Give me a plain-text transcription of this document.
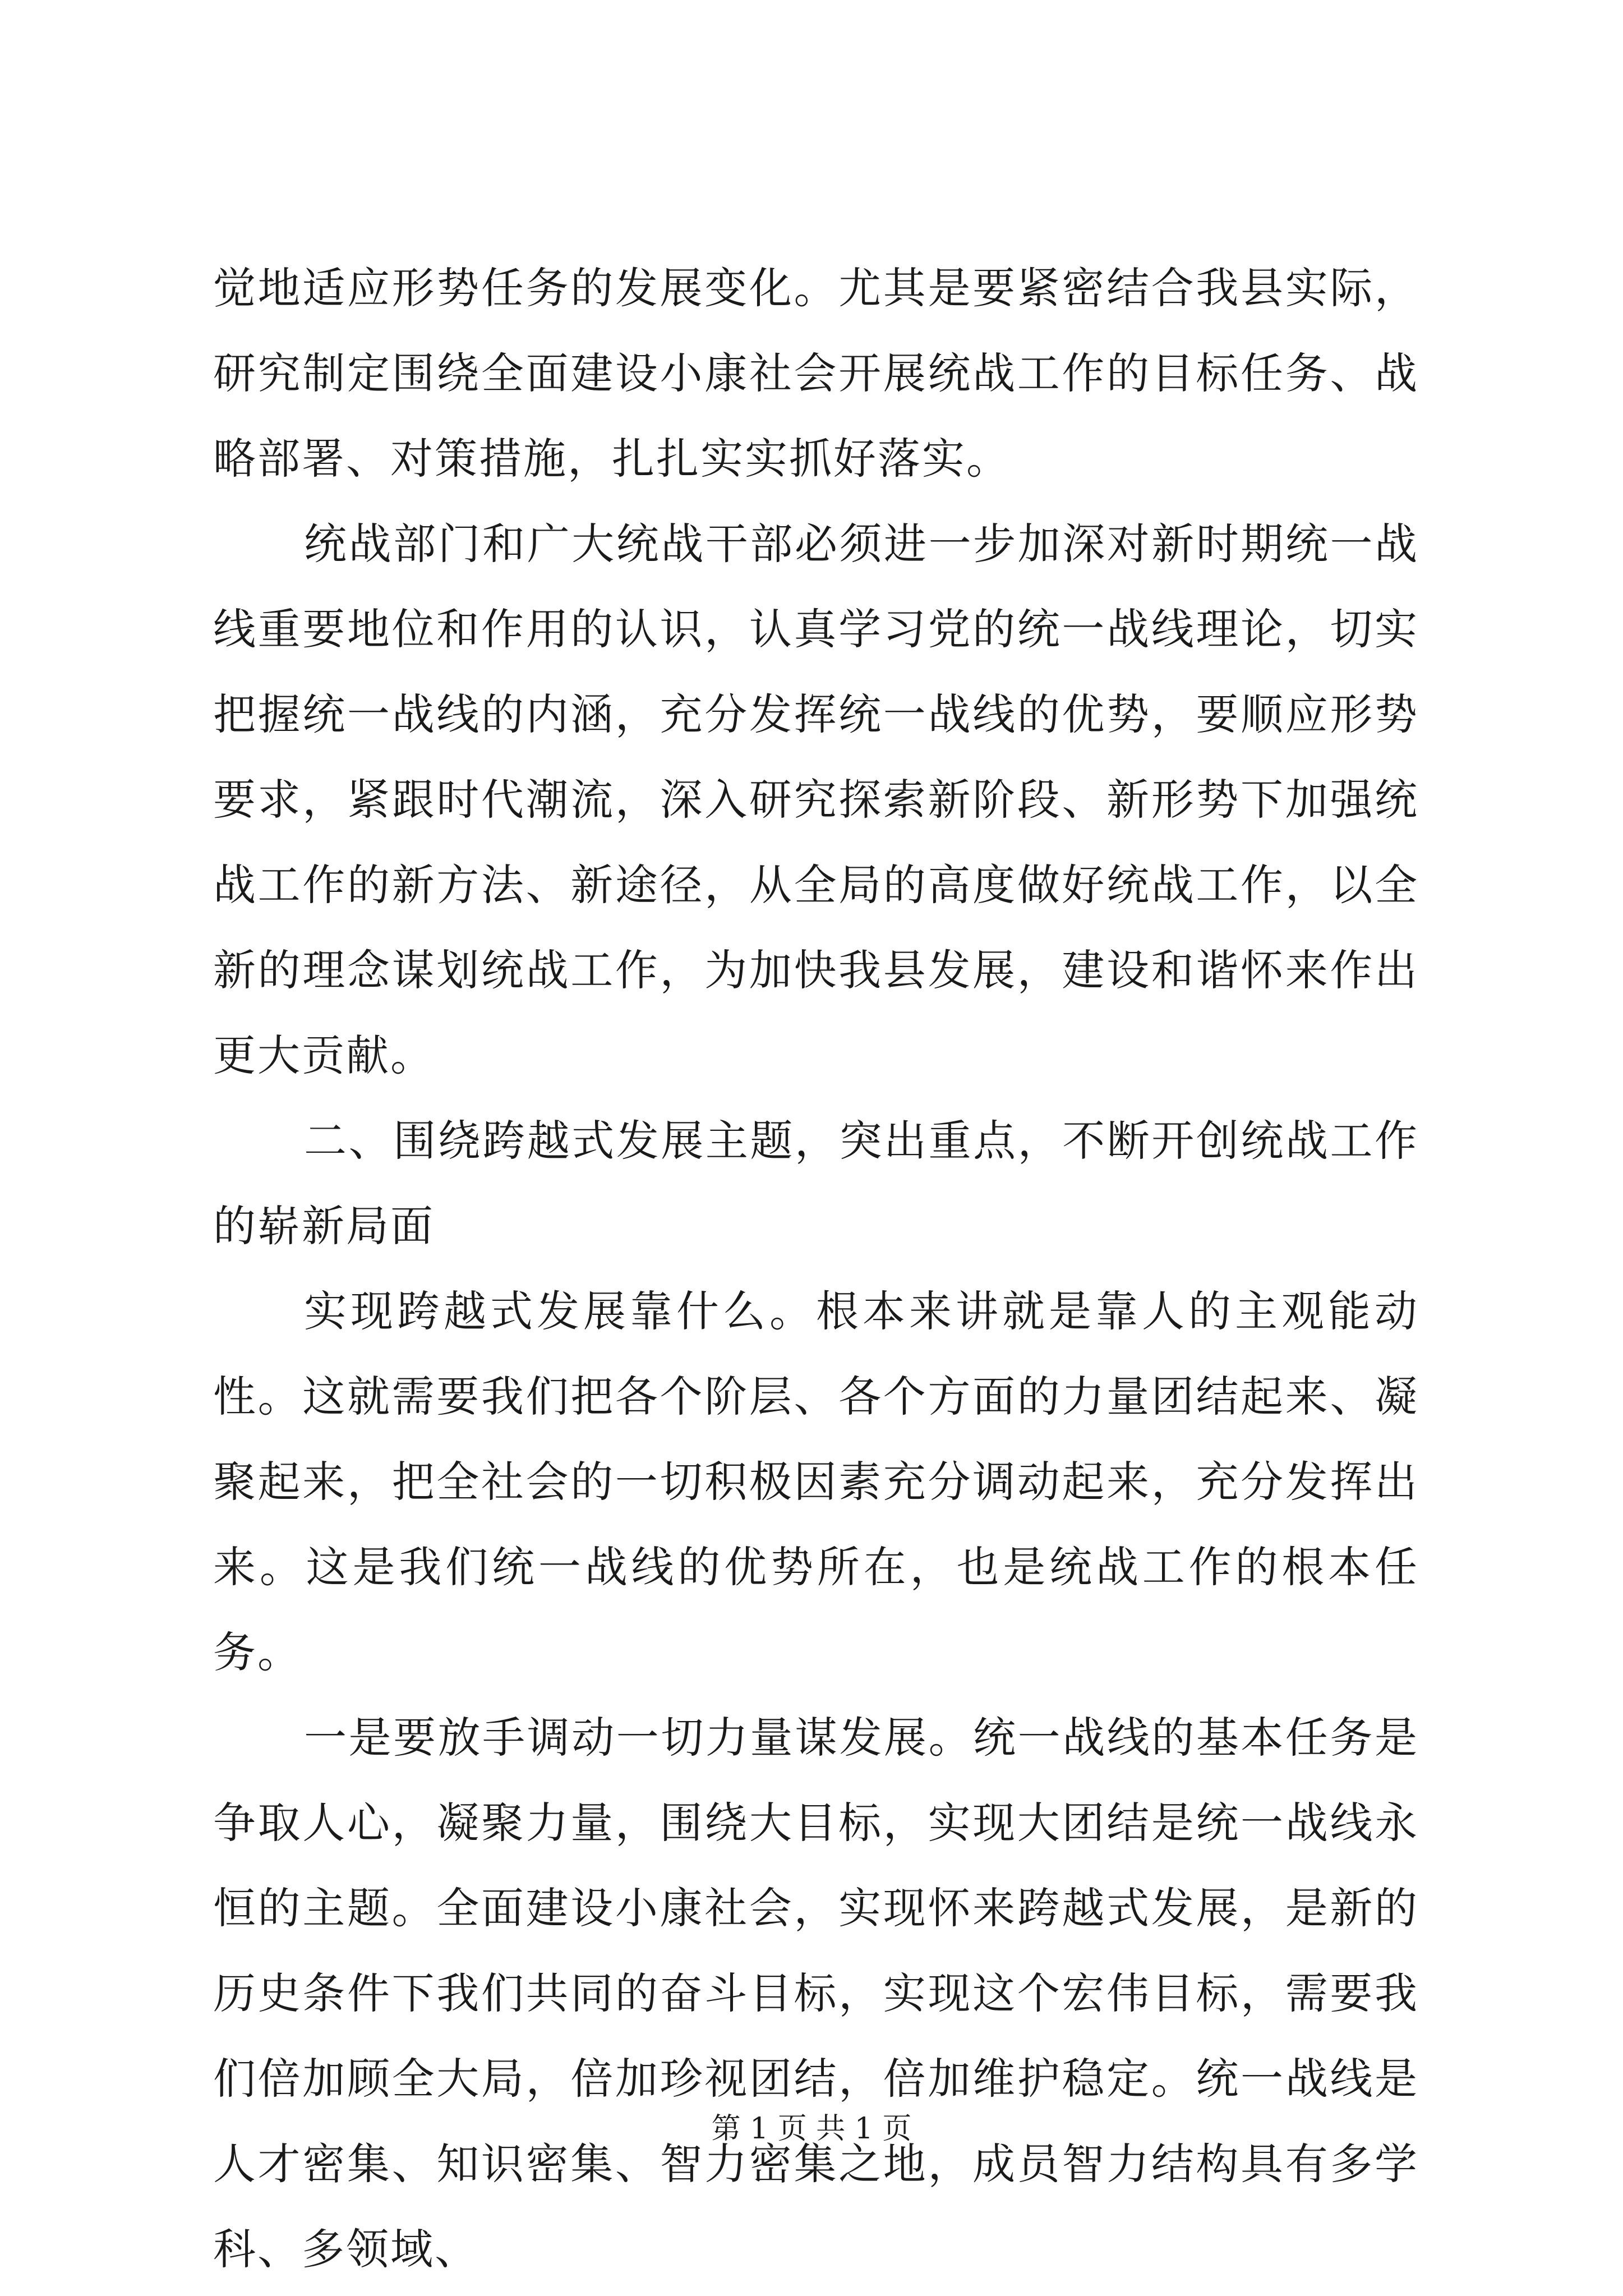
觉地适应形势任务的发展变化。尤其是要紧密结合我县实际，研究制定围绕全面建设小康社会开展统战工作的目标任务、战略部署、对策措施，扎扎实实抓好落实。

统战部门和广大统战干部必须进一步加深对新时期统一战线重要地位和作用的认识，认真学习党的统一战线理论，切实把握统一战线的内涵，充分发挥统一战线的优势，要顺应形势要求，紧跟时代潮流，深入研究探索新阶段、新形势下加强统战工作的新方法、新途径，从全局的高度做好统战工作，以全新的理念谋划统战工作，为加快我县发展，建设和谐怀来作出更大贡献。

二、围绕跨越式发展主题，突出重点，不断开创统战工作的崭新局面

实现跨越式发展靠什么。根本来讲就是靠人的主观能动性。这就需要我们把各个阶层、各个方面的力量团结起来、凝聚起来，把全社会的一切积极因素充分调动起来，充分发挥出来。这是我们统一战线的优势所在，也是统战工作的根本任务。

一是要放手调动一切力量谋发展。统一战线的基本任务是争取人心，凝聚力量，围绕大目标，实现大团结是统一战线永恒的主题。全面建设小康社会，实现怀来跨越式发展，是新的历史条件下我们共同的奋斗目标，实现这个宏伟目标，需要我们倍加顾全大局，倍加珍视团结，倍加维护稳定。统一战线是人才密集、知识密集、智力密集之地，成员智力结构具有多学科、多领域、

第 1 页 共 1 页
